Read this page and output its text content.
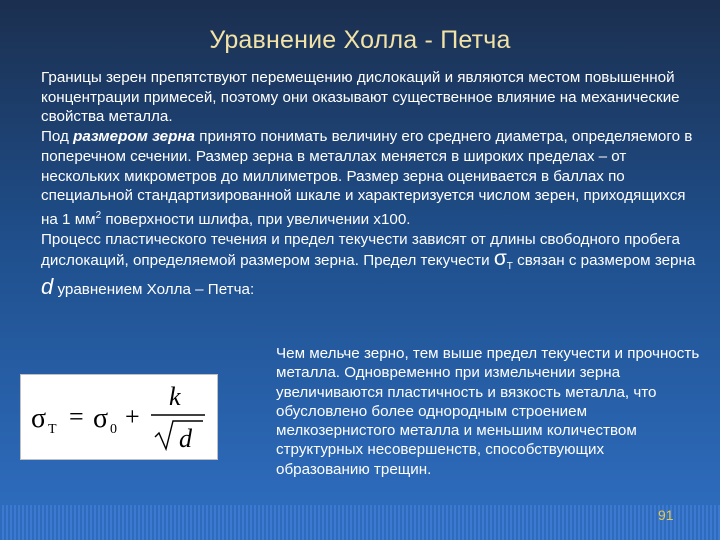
Уравнение Холла - Петча

Границы зерен препятствуют перемещению дислокаций и являются местом повышенной концентрации примесей, поэтому они оказывают существенное влияние на механические свойства металла.

Под размером зерна принято понимать величину его среднего диаметра, определяемого в поперечном сечении. Размер зерна в металлах меняется в широких пределах – от нескольких микрометров до миллиметров. Размер зерна оценивается в баллах по специальной стандартизированной шкале и характеризуется числом зерен, приходящихся на 1 $мм^2$ поверхности шлифа, при увеличении х100.

Процесс пластического течения и предел текучести зависят от длины свободного пробега дислокаций, определяемой размером зерна. Предел текучести $\sigma_Т$ связан с размером зерна d уравнением Холла – Петча:

σ T = σ 0 +
k
d

Чем мельче зерно, тем выше предел текучести и прочность металла. Одновременно при измельчении зерна увеличиваются пластичность и вязкость металла, что обусловлено более однородным строением мелкозернистого металла и меньшим количеством структурных несовершенств, способствующих образованию трещин.

91
